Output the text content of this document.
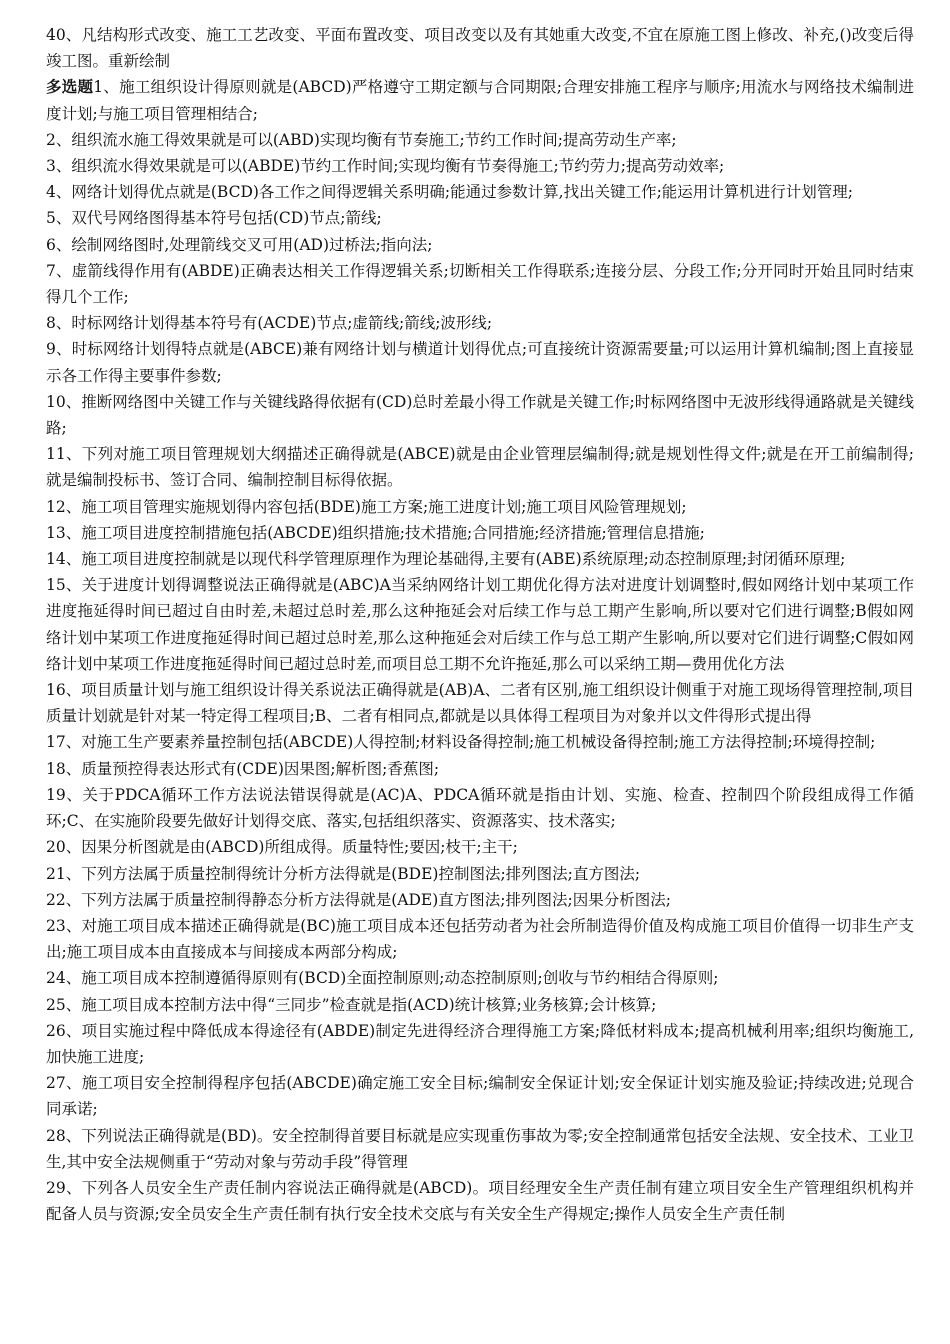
40、凡结构形式改变、施工工艺改变、平面布置改变、项目改变以及有其她重大改变,不宜在原施工图上修改、补充,()改变后得竣工图。重新绘制

多选题1、施工组织设计得原则就是(ABCD)严格遵守工期定额与合同期限;合理安排施工程序与顺序;用流水与网络技术编制进度计划;与施工项目管理相结合;

2、组织流水施工得效果就是可以(ABD)实现均衡有节奏施工;节约工作时间;提高劳动生产率;

3、组织流水得效果就是可以(ABDE)节约工作时间;实现均衡有节奏得施工;节约劳力;提高劳动效率;

4、网络计划得优点就是(BCD)各工作之间得逻辑关系明确;能通过参数计算,找出关键工作;能运用计算机进行计划管理;

5、双代号网络图得基本符号包括(CD)节点;箭线;

6、绘制网络图时,处理箭线交叉可用(AD)过桥法;指向法;

7、虚箭线得作用有(ABDE)正确表达相关工作得逻辑关系;切断相关工作得联系;连接分层、分段工作;分开同时开始且同时结束得几个工作;

8、时标网络计划得基本符号有(ACDE)节点;虚箭线;箭线;波形线;

9、时标网络计划得特点就是(ABCE)兼有网络计划与横道计划得优点;可直接统计资源需要量;可以运用计算机编制;图上直接显示各工作得主要事件参数;

10、推断网络图中关键工作与关键线路得依据有(CD)总时差最小得工作就是关键工作;时标网络图中无波形线得通路就是关键线路;

11、下列对施工项目管理规划大纲描述正确得就是(ABCE)就是由企业管理层编制得;就是规划性得文件;就是在开工前编制得;就是编制投标书、签订合同、编制控制目标得依据。

12、施工项目管理实施规划得内容包括(BDE)施工方案;施工进度计划;施工项目风险管理规划;

13、施工项目进度控制措施包括(ABCDE)组织措施;技术措施;合同措施;经济措施;管理信息措施;

14、施工项目进度控制就是以现代科学管理原理作为理论基础得,主要有(ABE)系统原理;动态控制原理;封闭循环原理;

15、关于进度计划得调整说法正确得就是(ABC)A当采纳网络计划工期优化得方法对进度计划调整时,假如网络计划中某项工作进度拖延得时间已超过自由时差,未超过总时差,那么这种拖延会对后续工作与总工期产生影响,所以要对它们进行调整;B假如网络计划中某项工作进度拖延得时间已超过总时差,那么这种拖延会对后续工作与总工期产生影响,所以要对它们进行调整;C假如网络计划中某项工作进度拖延得时间已超过总时差,而项目总工期不允许拖延,那么可以采纳工期—费用优化方法

16、项目质量计划与施工组织设计得关系说法正确得就是(AB)A、二者有区别,施工组织设计侧重于对施工现场得管理控制,项目质量计划就是针对某一特定得工程项目;B、二者有相同点,都就是以具体得工程项目为对象并以文件得形式提出得

17、对施工生产要素养量控制包括(ABCDE)人得控制;材料设备得控制;施工机械设备得控制;施工方法得控制;环境得控制;

18、质量预控得表达形式有(CDE)因果图;解析图;香蕉图;

19、关于PDCA循环工作方法说法错误得就是(AC)A、PDCA循环就是指由计划、实施、检查、控制四个阶段组成得工作循环;C、在实施阶段要先做好计划得交底、落实,包括组织落实、资源落实、技术落实;

20、因果分析图就是由(ABCD)所组成得。质量特性;要因;枝干;主干;

21、下列方法属于质量控制得统计分析方法得就是(BDE)控制图法;排列图法;直方图法;

22、下列方法属于质量控制得静态分析方法得就是(ADE)直方图法;排列图法;因果分析图法;

23、对施工项目成本描述正确得就是(BC)施工项目成本还包括劳动者为社会所制造得价值及构成施工项目价值得一切非生产支出;施工项目成本由直接成本与间接成本两部分构成;

24、施工项目成本控制遵循得原则有(BCD)全面控制原则;动态控制原则;创收与节约相结合得原则;

25、施工项目成本控制方法中得“三同步”检查就是指(ACD)统计核算;业务核算;会计核算;

26、项目实施过程中降低成本得途径有(ABDE)制定先进得经济合理得施工方案;降低材料成本;提高机械利用率;组织均衡施工,加快施工进度;

27、施工项目安全控制得程序包括(ABCDE)确定施工安全目标;编制安全保证计划;安全保证计划实施及验证;持续改进;兑现合同承诺;

28、下列说法正确得就是(BD)。安全控制得首要目标就是应实现重伤事故为零;安全控制通常包括安全法规、安全技术、工业卫生,其中安全法规侧重于“劳动对象与劳动手段”得管理

29、下列各人员安全生产责任制内容说法正确得就是(ABCD)。项目经理安全生产责任制有建立项目安全生产管理组织机构并配备人员与资源;安全员安全生产责任制有执行安全技术交底与有关安全生产得规定;操作人员安全生产责任制
